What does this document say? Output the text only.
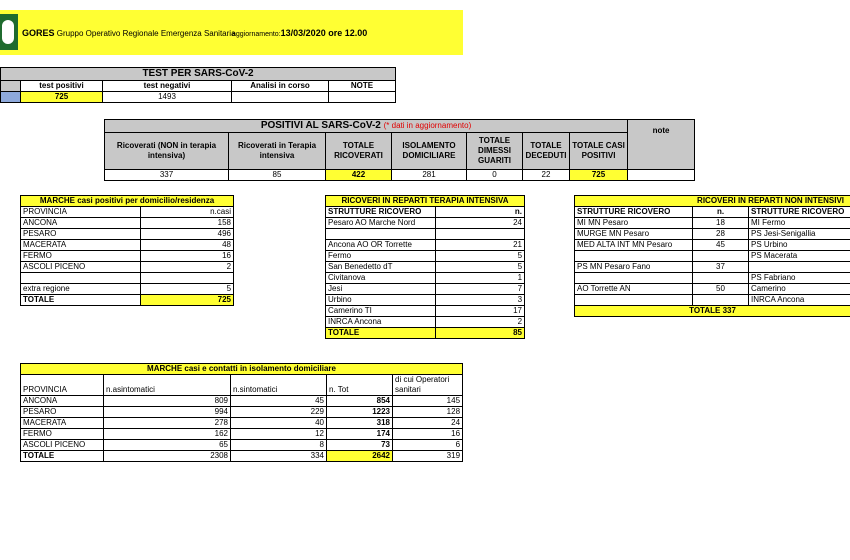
GORES Gruppo Operativo Regionale Emergenza Sanitaria
aggiornamento:13/03/2020 ore 12.00
TEST PER SARS-CoV-2				
	test positivi	test negativi	Analisi in corso	NOTE
	725	1493		
POSITIVI AL SARS-CoV-2 (* dati in aggiornamento)							note
Ricoverati (NON in terapia intensiva)	Ricoverati in Terapia intensiva	TOTALE RICOVERATI	ISOLAMENTO DOMICILIARE	TOTALE DIMESSI GUARITI	TOTALE DECEDUTI	TOTALE CASI POSITIVI	
337	85	422	281	0	22	725	
MARCHE casi positivi per domicilio/residenza	
PROVINCIA	n.casi
ANCONA	158
PESARO	496
MACERATA	48
FERMO	16
ASCOLI PICENO	2

extra regione	5
TOTALE	725
RICOVERI IN REPARTI TERAPIA INTENSIVA	
STRUTTURE RICOVERO	n.
Pesaro AO Marche Nord	24

Ancona AO OR Torrette	21
Fermo	5
San Benedetto dT	5
Civitanova	1
Jesi	7
Urbino	3
Camerino TI	17
INRCA Ancona	2
TOTALE	85
RICOVERI IN REPARTI NON INTENSIVI		
STRUTTURE RICOVERO	n.	STRUTTURE RICOVERO
MI MN Pesaro	18	MI Fermo
MURGE MN Pesaro	28	PS Jesi-Senigallia
MED ALTA INT MN Pesaro	45	PS Urbino
		PS Macerata
PS MN Pesaro Fano	37	
		PS Fabriano
AO Torrette AN	50	Camerino
		INRCA Ancona
TOTALE 337		
MARCHE casi e contatti in isolamento domiciliare				
PROVINCIA	n.asintomatici	n.sintomatici	n. Tot	di cui Operatori sanitari
ANCONA	809	45	854	145
PESARO	994	229	1223	128
MACERATA	278	40	318	24
FERMO	162	12	174	16
ASCOLI PICENO	65	8	73	6
TOTALE	2308	334	2642	319
